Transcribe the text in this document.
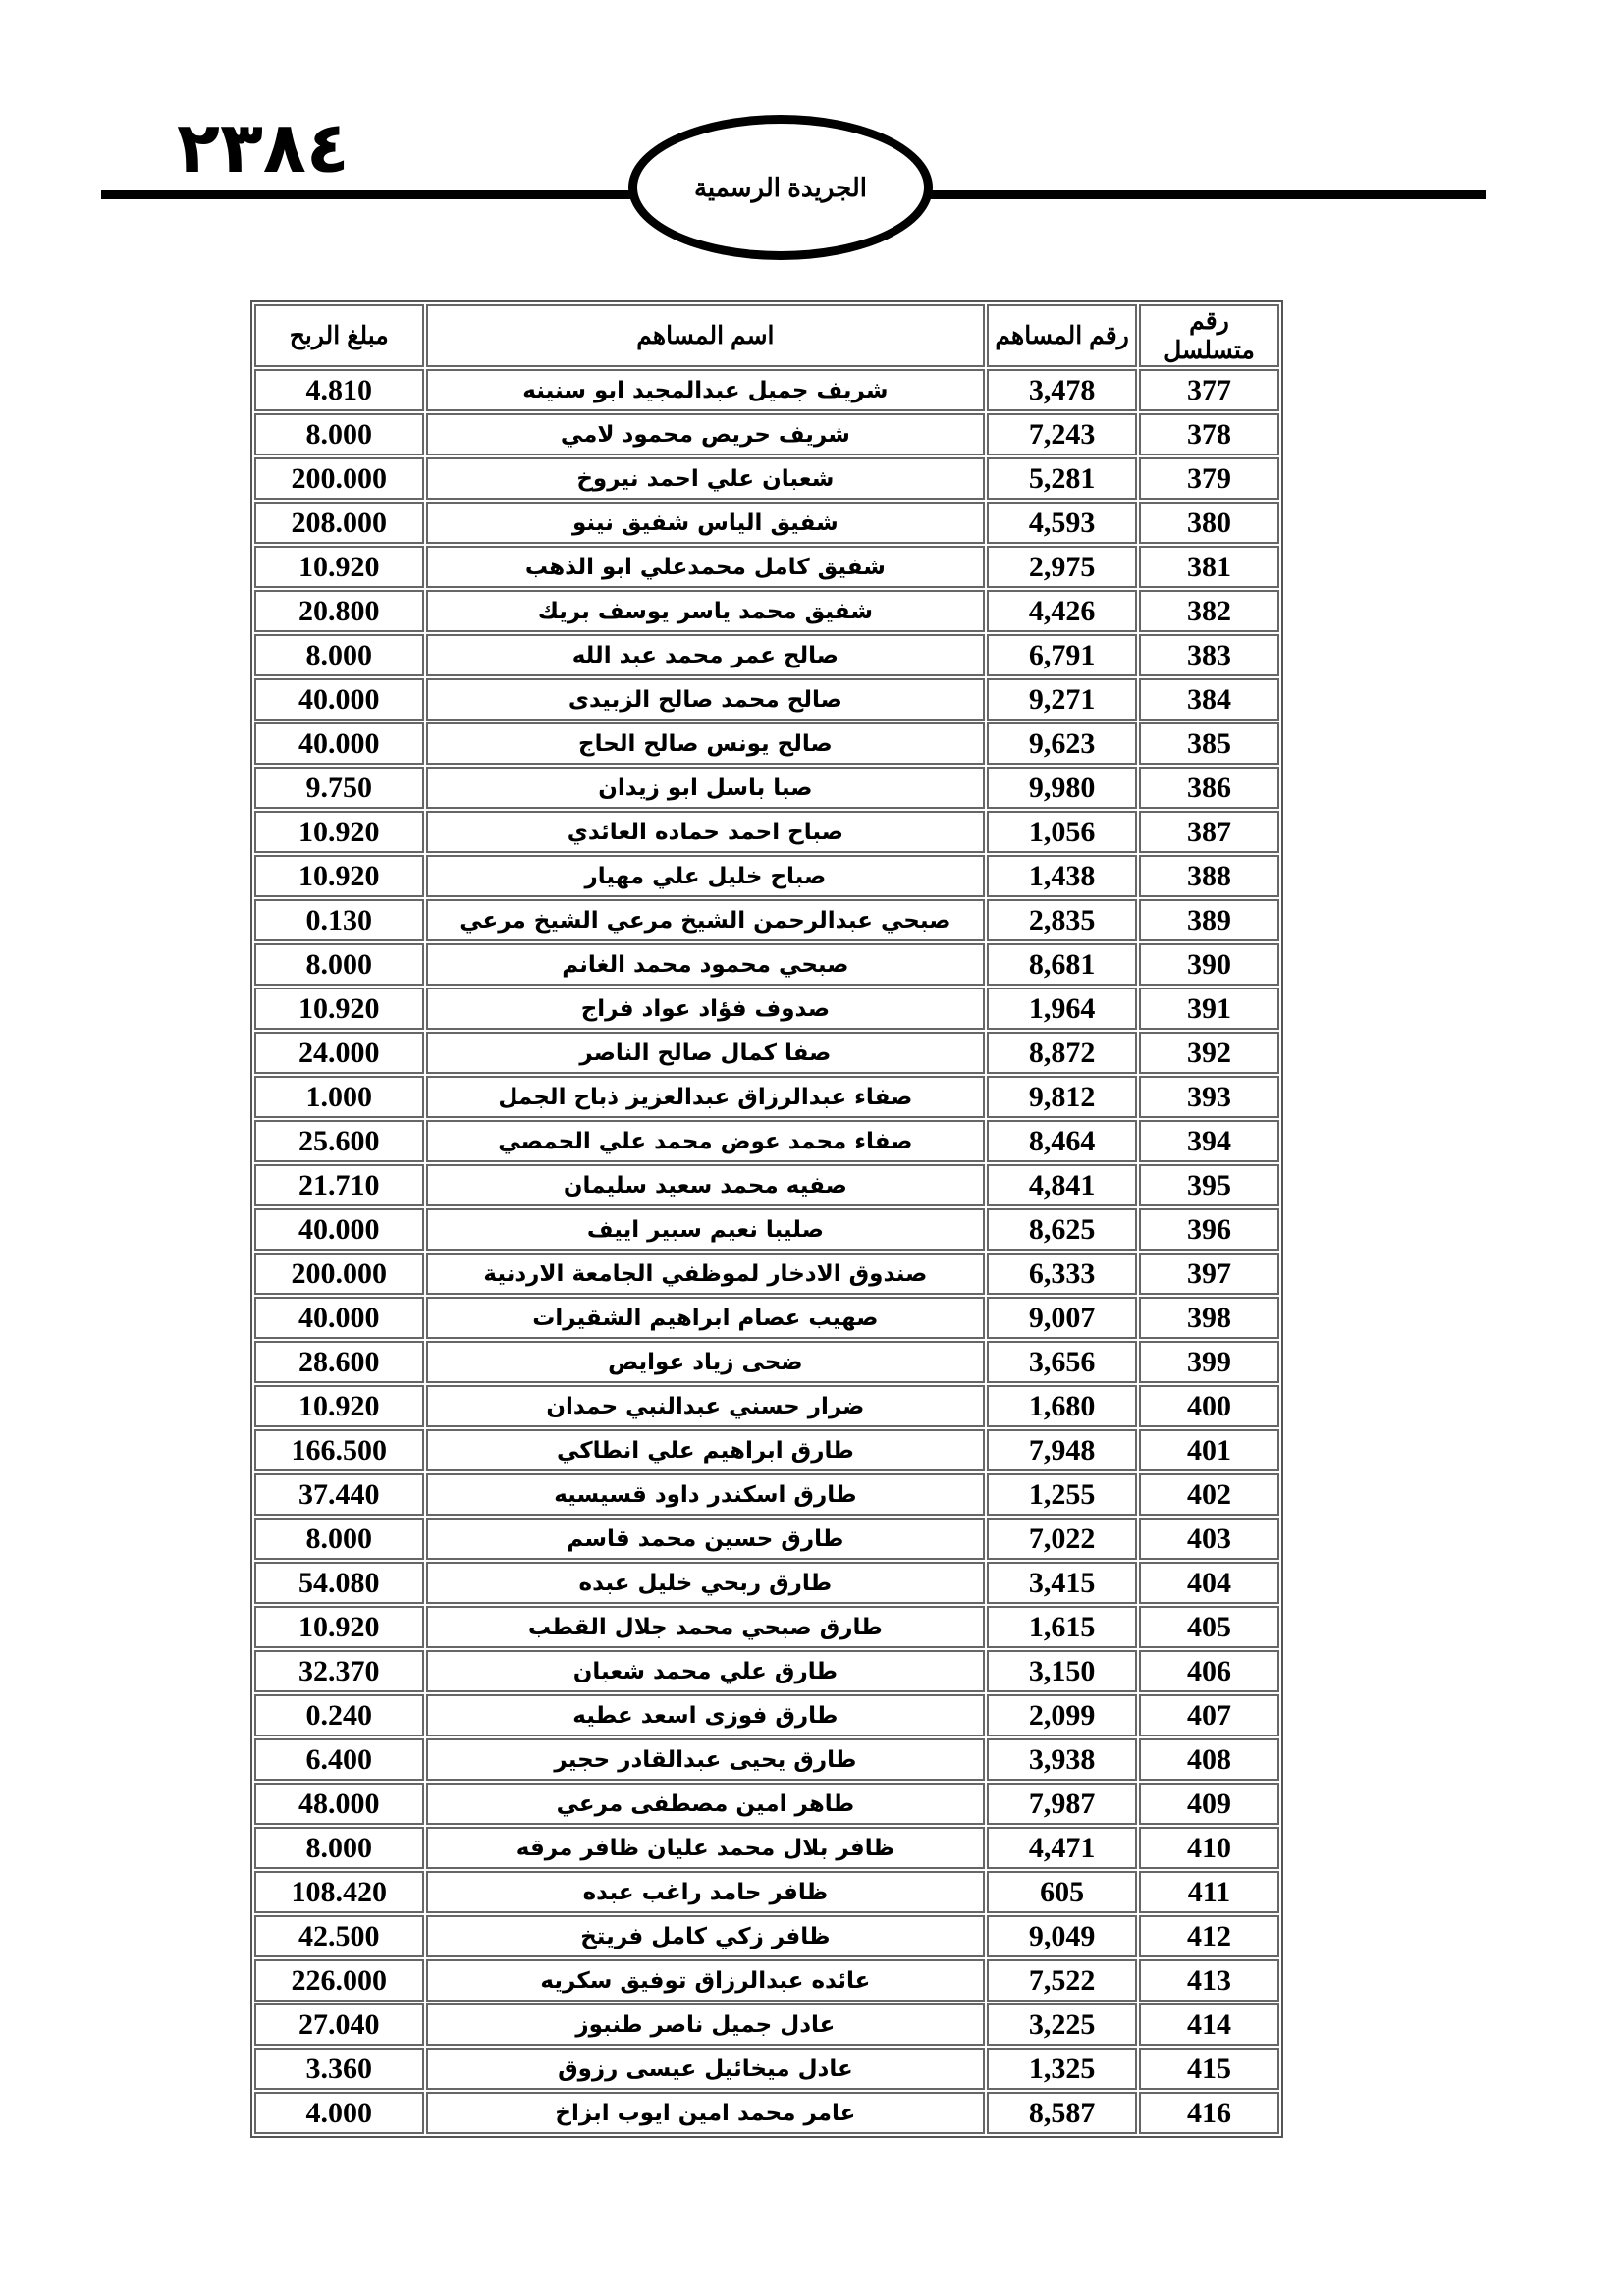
٢٣٨٤	الجريدة الرسمية
رقم متسلسل	رقم المساهم	اسم المساهم	مبلغ الربح
377	3,478	شريف جميل عبدالمجيد ابو سنينه	4.810
378	7,243	شريف حريص محمود لامي	8.000
379	5,281	شعبان علي احمد نيروخ	200.000
380	4,593	شفيق الياس شفيق نينو	208.000
381	2,975	شفيق كامل محمدعلي ابو الذهب	10.920
382	4,426	شفيق محمد ياسر يوسف بريك	20.800
383	6,791	صالح عمر محمد عبد الله	8.000
384	9,271	صالح محمد صالح الزبيدى	40.000
385	9,623	صالح يونس صالح الحاج	40.000
386	9,980	صبا باسل ابو زيدان	9.750
387	1,056	صباح احمد حماده العائدي	10.920
388	1,438	صباح خليل علي مهيار	10.920
389	2,835	صبحي عبدالرحمن الشيخ مرعي الشيخ مرعي	0.130
390	8,681	صبحي محمود محمد الغانم	8.000
391	1,964	صدوف فؤاد عواد فراج	10.920
392	8,872	صفا كمال صالح الناصر	24.000
393	9,812	صفاء عبدالرزاق عبدالعزيز ذباح الجمل	1.000
394	8,464	صفاء محمد عوض محمد علي الحمصي	25.600
395	4,841	صفيه محمد سعيد سليمان	21.710
396	8,625	صليبا نعيم سبير اييف	40.000
397	6,333	صندوق الادخار لموظفي الجامعة الاردنية	200.000
398	9,007	صهيب عصام ابراهيم الشقيرات	40.000
399	3,656	ضحى زياد عوايص	28.600
400	1,680	ضرار حسني عبدالنبي حمدان	10.920
401	7,948	طارق ابراهيم علي انطاكي	166.500
402	1,255	طارق اسكندر داود قسيسيه	37.440
403	7,022	طارق حسين محمد قاسم	8.000
404	3,415	طارق ربحي خليل عبده	54.080
405	1,615	طارق صبحي محمد جلال القطب	10.920
406	3,150	طارق علي محمد شعبان	32.370
407	2,099	طارق فوزى اسعد عطيه	0.240
408	3,938	طارق يحيى عبدالقادر حجير	6.400
409	7,987	طاهر امين مصطفى مرعي	48.000
410	4,471	ظافر بلال محمد عليان ظافر مرقه	8.000
411	605	ظافر حامد راغب عبده	108.420
412	9,049	ظافر زكي كامل فريتخ	42.500
413	7,522	عائده عبدالرزاق توفيق سكريه	226.000
414	3,225	عادل جميل ناصر طنبوز	27.040
415	1,325	عادل ميخائيل عيسى رزوق	3.360
416	8,587	عامر محمد امين ايوب ابزاخ	4.000
